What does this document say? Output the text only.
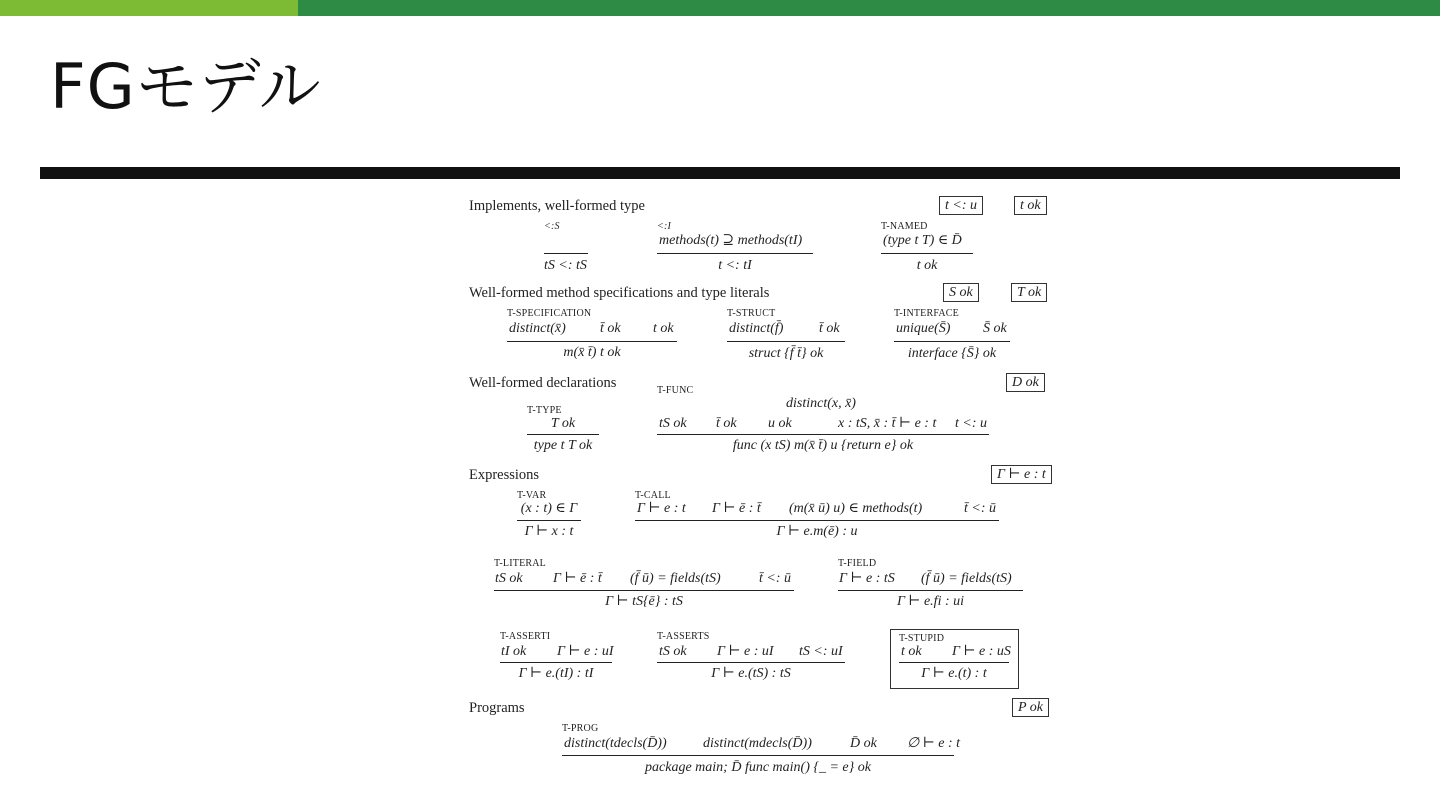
FGモデル
Implements, well-formed type	t <: u	t ok
<:S
tS <: tS
<:I
methods(t) ⊇ methods(tI)
t <: tI
T-NAMED
(type t T) ∈ D̄
t ok
Well-formed method specifications and type literals	S ok	T ok
T-SPECIFICATION
distinct(x̄) t̄ ok t ok
m(x̄ t̄) t ok
T-STRUCT
distinct(f̄)	t̄ ok
struct {f̄ t̄} ok
T-INTERFACE
unique(S̄) S̄ ok
interface {S̄} ok
Well-formed declarations	D ok
T-TYPE
T ok
type t T ok
T-FUNC
distinct(x, x̄)
tS ok t̄ ok u ok	x : tS, x̄ : t̄ ⊢ e : t t <: u
func (x tS) m(x̄ t̄) u {return e} ok
Expressions	Γ ⊢ e : t
T-VAR
(x : t) ∈ Γ
Γ ⊢ x : t
T-CALL
Γ ⊢ e : t Γ ⊢ ē : t̄ (m(x̄ ū) u) ∈ methods(t)	t̄ <: ū
Γ ⊢ e.m(ē) : u
T-LITERAL
tS ok Γ ⊢ ē : t̄ (f̄ ū) = fields(tS)	t̄ <: ū
Γ ⊢ tS{ē} : tS
T-FIELD
Γ ⊢ e : tS (f̄ ū) = fields(tS)
Γ ⊢ e.fi : ui
T-ASSERTI
tI ok Γ ⊢ e : uI
Γ ⊢ e.(tI) : tI
T-ASSERTS
tS ok Γ ⊢ e : uI tS <: uI
Γ ⊢ e.(tS) : tS
T-STUPID
t ok Γ ⊢ e : uS
Γ ⊢ e.(t) : t
Programs	P ok
T-PROG
distinct(tdecls(D̄))	distinct(mdecls(D̄))	D̄ ok ∅ ⊢ e : t
package main; D̄ func main() {_ = e} ok
